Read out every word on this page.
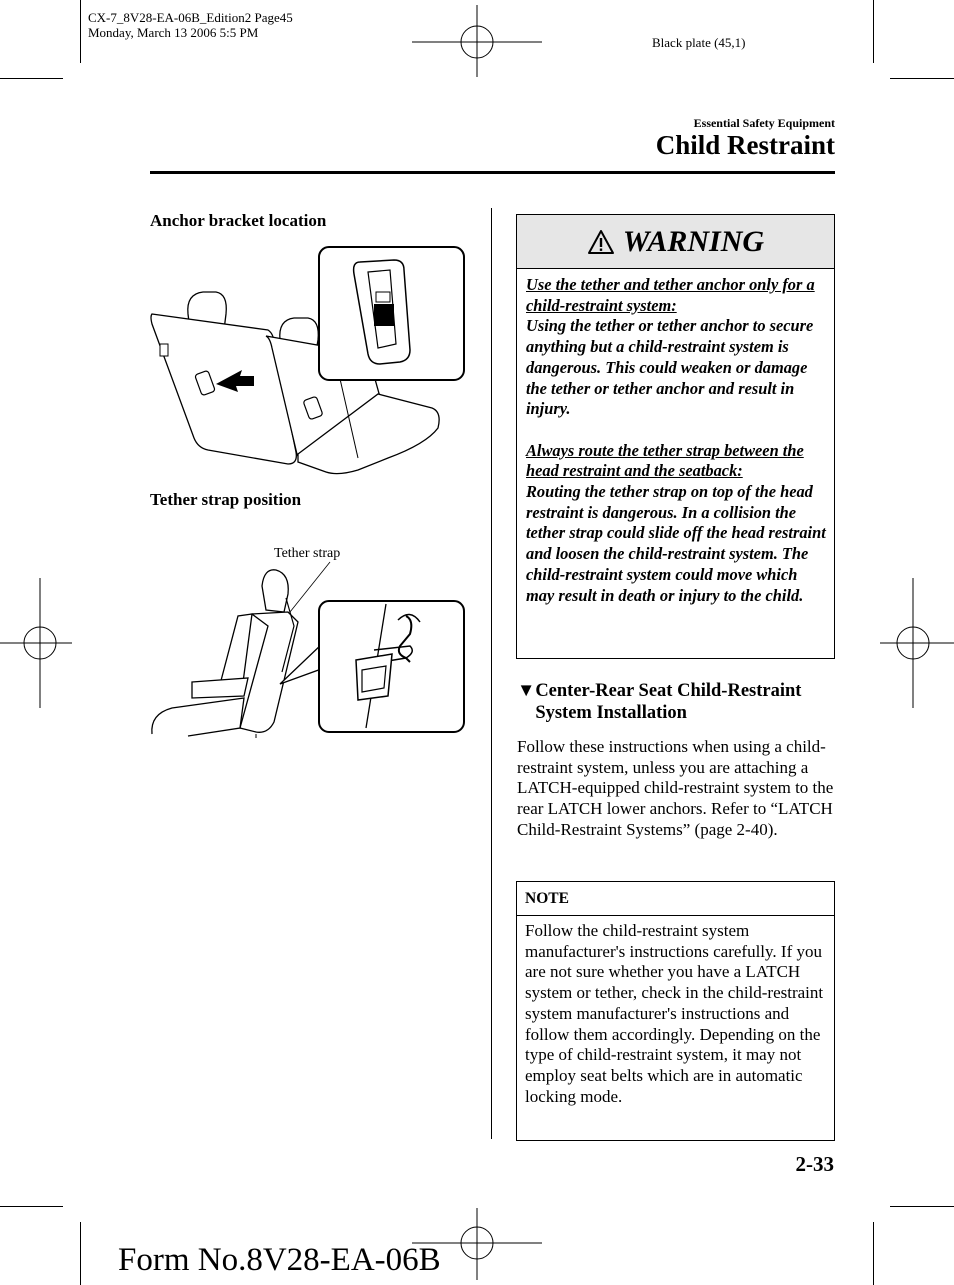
CX-7_8V28-EA-06B_Edition2 Page45
Monday, March 13 2006 5:5 PM
Black plate (45,1)
Essential Safety Equipment
Child Restraint
Anchor bracket location
Tether strap position
Tether strap
WARNING

Use the tether and tether anchor only for a child-restraint system:
Using the tether or tether anchor to secure anything but a child-restraint system is dangerous. This could weaken or damage the tether or tether anchor and result in injury.

Always route the tether strap between the head restraint and the seatback:
Routing the tether strap on top of the head restraint is dangerous. In a collision the tether strap could slide off the head restraint and loosen the child-restraint system. The child-restraint system could move which may result in death or injury to the child.

▼ Center-Rear Seat Child-Restraint System Installation
Follow these instructions when using a child-restraint system, unless you are attaching a LATCH-equipped child-restraint system to the rear LATCH lower anchors. Refer to “LATCH Child-Restraint Systems” (page 2-40).
NOTE
Follow the child-restraint system manufacturer's instructions carefully. If you are not sure whether you have a LATCH system or tether, check in the child-restraint system manufacturer's instructions and follow them accordingly. Depending on the type of child-restraint system, it may not employ seat belts which are in automatic locking mode.
2-33
Form No.8V28-EA-06B
